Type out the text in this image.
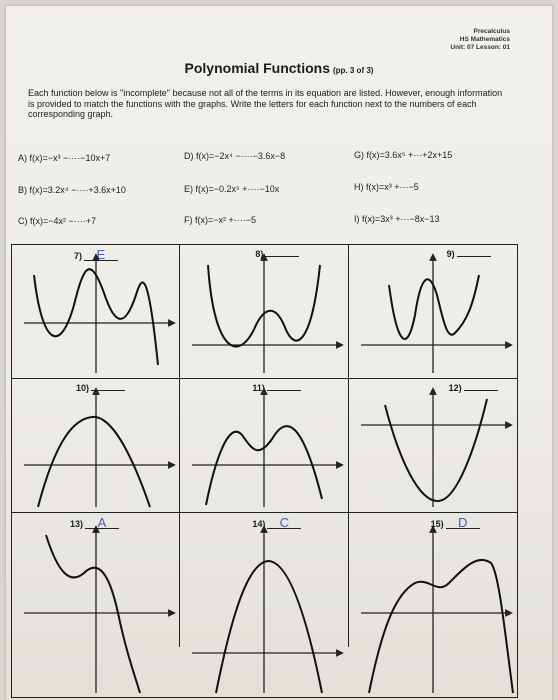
Precalculus
HS Mathematics
Unit: 07 Lesson: 01
Polynomial Functions (pp. 3 of 3)
Each function below is "incomplete" because not all of the terms in its equation are listed. However, enough information is provided to match the functions with the graphs. Write the letters for each function next to the numbers of each corresponding graph.
A) f(x)=−x³ −····−10x+7
B) f(x)=3.2x⁴ −····+3.6x+10
C) f(x)=−4x² −····+7
D) f(x)=−2x⁴ −····−3.6x−8
E) f(x)=−0.2x⁵ +····−10x
F) f(x)=−x² +····−5
G) f(x)=3.6x⁵ +···+2x+15
H) f(x)=x³ +···−5
I) f(x)=3x³ +···−8x−13
7) E	8)	9)
10)	11)	12)
13) A	14) C	15) D
